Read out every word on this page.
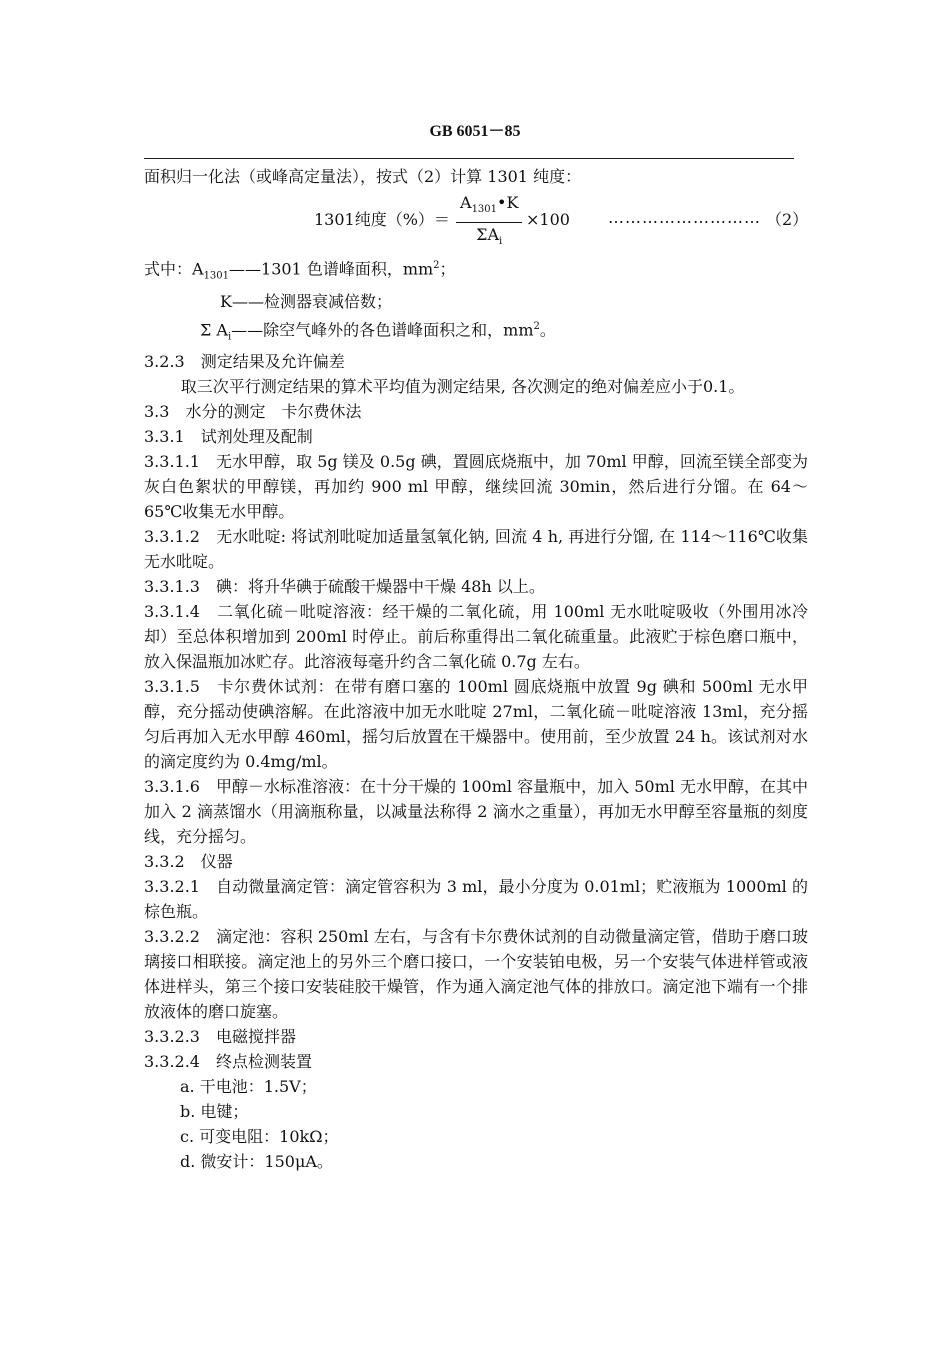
GB 6051－85

面积归一化法（或峰高定量法），按式（2）计算 1301 纯度：

1301纯度（%）＝
$A_{1301}•K$
$\Sigma A_i$
×100 ……………………… （2）

式中：$A_{1301}——1301$ 色谱峰面积，$mm^2$；

K——检测器衰减倍数；

Σ $A_i——$除空气峰外的各色谱峰面积之和，$mm^2$。

3.2.3　测定结果及允许偏差

取三次平行测定结果的算术平均值为测定结果, 各次测定的绝对偏差应小于0.1。

3.3　水分的测定　卡尔费休法

3.3.1　试剂处理及配制

3.3.1.1　无水甲醇，取 5g 镁及 0.5g 碘，置圆底烧瓶中，加 70ml 甲醇，回流至镁全部变为灰白色絮状的甲醇镁，再加约 900 ml 甲醇，继续回流 30min，然后进行分馏。在 64～65℃收集无水甲醇。

3.3.1.2　无水吡啶: 将试剂吡啶加适量氢氧化钠, 回流 4 h, 再进行分馏, 在 114～116℃收集无水吡啶。

3.3.1.3　碘：将升华碘于硫酸干燥器中干燥 48h 以上。

3.3.1.4　二氧化硫－吡啶溶液：经干燥的二氧化硫，用 100ml 无水吡啶吸收（外围用冰冷却）至总体积增加到 200ml 时停止。前后称重得出二氧化硫重量。此液贮于棕色磨口瓶中，放入保温瓶加冰贮存。此溶液每毫升约含二氧化硫 0.7g 左右。

3.3.1.5　卡尔费休试剂：在带有磨口塞的 100ml 圆底烧瓶中放置 9g 碘和 500ml 无水甲醇，充分摇动使碘溶解。在此溶液中加无水吡啶 27ml，二氧化硫－吡啶溶液 13ml，充分摇匀后再加入无水甲醇 460ml，摇匀后放置在干燥器中。使用前，至少放置 24 h。该试剂对水的滴定度约为 0.4mg/ml。

3.3.1.6　甲醇－水标准溶液：在十分干燥的 100ml 容量瓶中，加入 50ml 无水甲醇，在其中加入 2 滴蒸馏水（用滴瓶称量，以减量法称得 2 滴水之重量），再加无水甲醇至容量瓶的刻度线，充分摇匀。

3.3.2　仪器

3.3.2.1　自动微量滴定管：滴定管容积为 3 ml，最小分度为 0.01ml；贮液瓶为 1000ml 的棕色瓶。

3.3.2.2　滴定池：容积 250ml 左右，与含有卡尔费休试剂的自动微量滴定管，借助于磨口玻璃接口相联接。滴定池上的另外三个磨口接口，一个安装铂电极，另一个安装气体进样管或液体进样头，第三个接口安装硅胶干燥管，作为通入滴定池气体的排放口。滴定池下端有一个排放液体的磨口旋塞。

3.3.2.3　电磁搅拌器

3.3.2.4　终点检测装置

a. 干电池：1.5V；

b. 电键；

c. 可变电阻：10kΩ；

d. 微安计：150μA。
